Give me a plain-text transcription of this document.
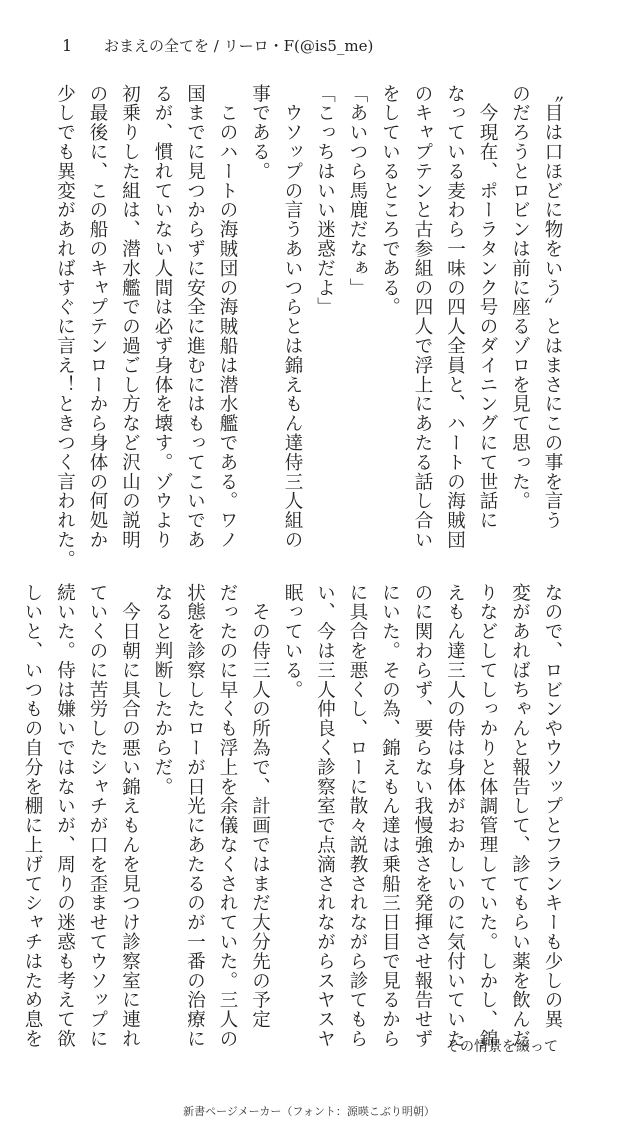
1	おまえの全てを / リーロ・F(@is5_me)
〝目は口ほどに物をいう〟とはまさにこの事を言う
のだろうとロビンは前に座るゾロを見て思った。
　今現在、ポーラタンク号のダイニングにて世話に
なっている麦わら一味の四人全員と、ハートの海賊団
のキャプテンと古参組の四人で浮上にあたる話し合い
をしているところである。
「あいつら馬鹿だなぁ」
「こっちはいい迷惑だよ」
　ウソップの言うあいつらとは錦えもん達侍三人組の
事である。
　このハートの海賊団の海賊船は潜水艦である。ワノ
国までに見つからずに安全に進むにはもってこいであ
るが、慣れていない人間は必ず身体を壊す。ゾウより
初乗りした組は、潜水艦での過ごし方など沢山の説明
の最後に、この船のキャプテンローから身体の何処か
少しでも異変があればすぐに言え！ときつく言われた。
なので、ロビンやウソップとフランキーも少しの異
変があればちゃんと報告して、診てもらい薬を飲んだ
りなどしてしっかりと体調管理していた。しかし、錦
えもん達三人の侍は身体がおかしいのに気付いていた
のに関わらず、要らない我慢強さを発揮させ報告せず
にいた。その為、錦えもん達は乗船三日目で見るから
に具合を悪くし、ローに散々説教されながら診てもら
い、今は三人仲良く診察室で点滴されながらスヤスヤ
眠っている。
　その侍三人の所為で、計画ではまだ大分先の予定
だったのに早くも浮上を余儀なくされていた。三人の
状態を診察したローが日光にあたるのが一番の治療に
なると判断したからだ。
　今日朝に具合の悪い錦えもんを見つけ診察室に連れ
ていくのに苦労したシャチが口を歪ませてウソップに
続いた。侍は嫌いではないが、周りの迷惑も考えて欲
しいと、いつもの自分を棚に上げてシャチはため息を	その情景を綴って
新書ページメーカー（フォント：源暎こぶり明朝）
